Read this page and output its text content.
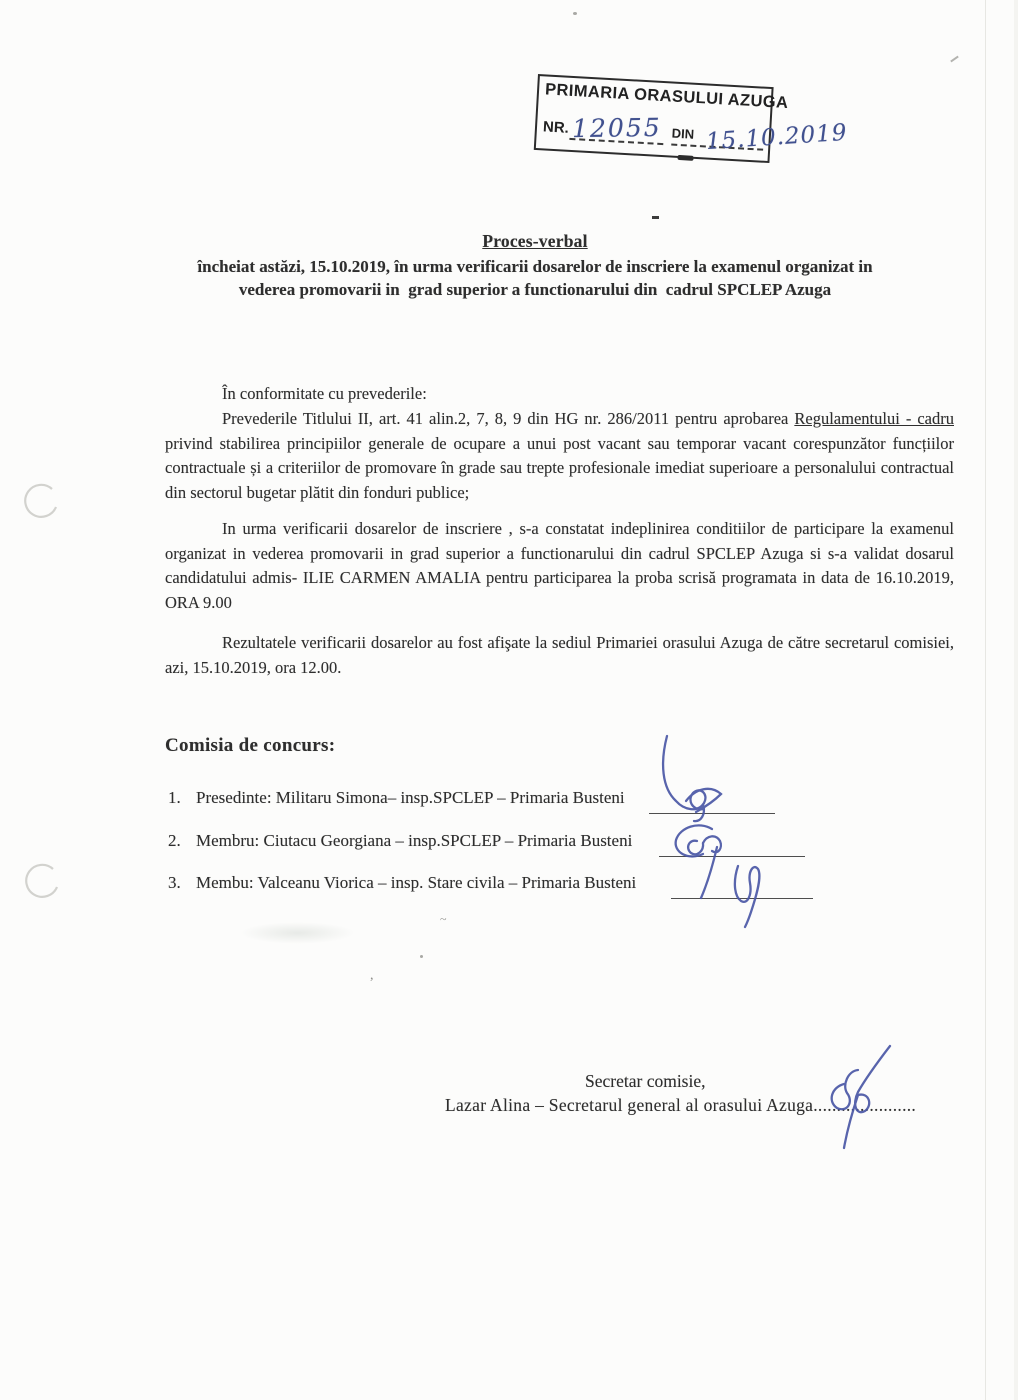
PRIMARIA ORASULUI AZUGA
NR. 12055 DIN 15.10.2019
Proces-verbal
încheiat astăzi, 15.10.2019, în urma verificarii dosarelor de inscriere la examenul organizat in
vederea promovarii in  grad superior a functionarului din  cadrul SPCLEP Azuga
În conformitate cu prevederile:
Prevederile Titlului II, art. 41 alin.2, 7, 8, 9 din HG nr. 286/2011 pentru aprobarea Regulamentului - cadru privind stabilirea principiilor generale de ocupare a unui post vacant sau temporar vacant corespunzător funcțiilor contractuale și a criteriilor de promovare în grade sau trepte profesionale imediat superioare a personalului contractual din sectorul bugetar plătit din fonduri publice;
In urma verificarii dosarelor de inscriere , s-a constatat indeplinirea conditiilor de participare la examenul organizat in vederea promovarii in grad superior a functionarului din cadrul SPCLEP Azuga si s-a validat dosarul candidatului admis- ILIE CARMEN AMALIA pentru participarea la proba scrisă programata in data de 16.10.2019, ORA 9.00
Rezultatele verificarii dosarelor au fost afişate la sediul Primariei orasului Azuga de către secretarul comisiei, azi, 15.10.2019, ora 12.00.
Comisia de concurs:
1. Presedinte: Militaru Simona– insp.SPCLEP – Primaria Busteni
2. Membru: Ciutacu Georgiana – insp.SPCLEP – Primaria Busteni
3. Membu: Valceanu Viorica – insp. Stare civila – Primaria Busteni
Secretar comisie,
Lazar Alina – Secretarul general al orasului Azuga......................
,
~
